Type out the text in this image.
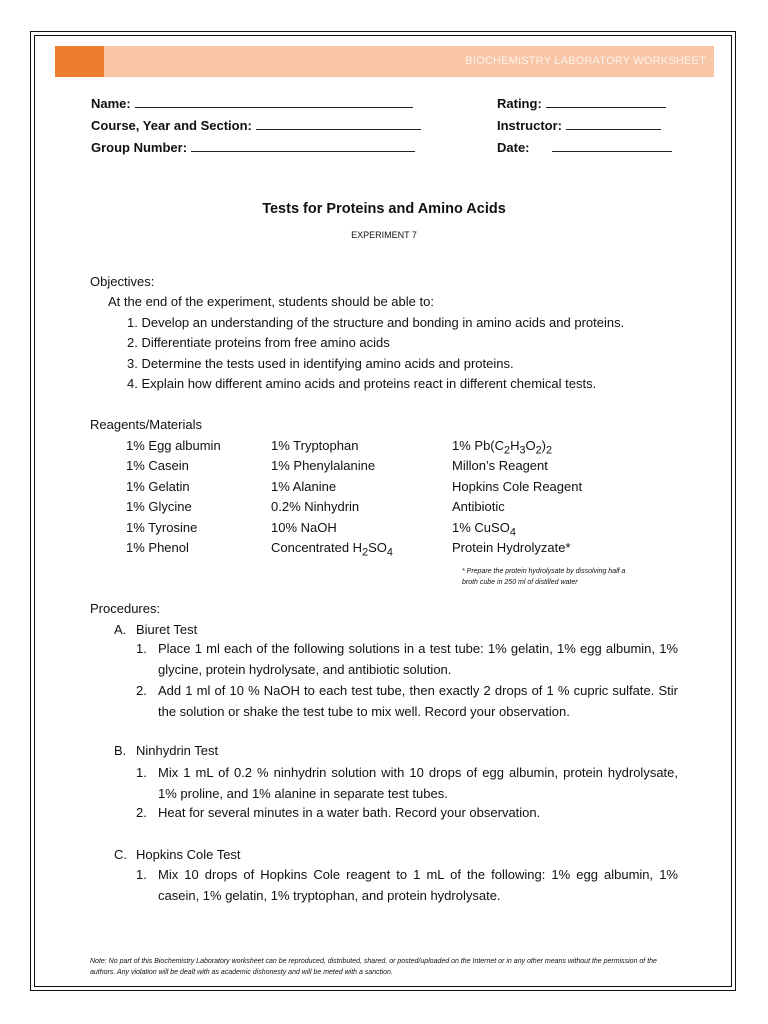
BIOCHEMISTRY LABORATORY WORKSHEET
Name:
Course, Year and Section:
Group Number:
Rating:
Instructor:
Date:
Tests for Proteins and Amino Acids
EXPERIMENT 7
Objectives:
At the end of the experiment, students should be able to:
1. Develop an understanding of the structure and bonding in amino acids and proteins.
2. Differentiate proteins from free amino acids
3. Determine the tests used in identifying amino acids and proteins.
4. Explain how different amino acids and proteins react in different chemical tests.
Reagents/Materials
1% Egg albumin
1% Casein
1% Gelatin
1% Glycine
1% Tyrosine
1% Phenol
1% Tryptophan
1% Phenylalanine
1% Alanine
0.2% Ninhydrin
10% NaOH
Concentrated $H_2SO_4$
1% $Pb(C_2H_3O_2)_2$
Millon’s Reagent
Hopkins Cole Reagent
Antibiotic
1% CuSO$_4$
Protein Hydrolyzate*
* Prepare the protein hydrolysate by dissolving half a
broth cube in 250 ml of distilled water
Procedures:
A. Biuret Test
1. Place 1 ml each of the following solutions in a test tube: 1% gelatin, 1% egg albumin, 1% glycine, protein hydrolysate, and antibiotic solution.
2. Add 1 ml of 10 % NaOH to each test tube, then exactly 2 drops of 1 % cupric sulfate. Stir the solution or shake the test tube to mix well. Record your observation.
B. Ninhydrin Test
1. Mix 1 mL of 0.2 % ninhydrin solution with 10 drops of egg albumin, protein hydrolysate, 1% proline, and 1% alanine in separate test tubes.
2. Heat for several minutes in a water bath. Record your observation.
C. Hopkins Cole Test
1. Mix 10 drops of Hopkins Cole reagent to 1 mL of the following: 1% egg albumin, 1% casein, 1% gelatin, 1% tryptophan, and protein hydrolysate.
Note: No part of this Biochemistry Laboratory worksheet can be reproduced, distributed, shared, or posted/uploaded on the Internet or in any other means without the permission of the authors. Any violation will be dealt with as academic dishonesty and will be meted with a sanction.
